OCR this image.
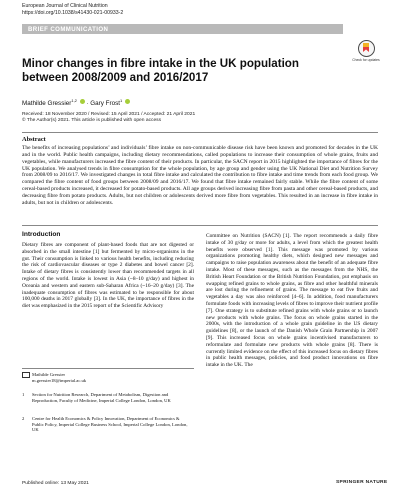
European Journal of Clinical Nutrition
https://doi.org/10.1038/s41430-021-00933-2
BRIEF COMMUNICATION
Check for updates
Minor changes in fibre intake in the UK population between 2008/2009 and 2016/2017
Mathilde Gressier$^{1,2}$  · Gary Frost$^1$
Received: 18 November 2020 / Revised: 15 April 2021 / Accepted: 21 April 2021
© The Author(s) 2021. This article is published with open access
Abstract

The benefits of increasing populations’ and individuals’ fibre intake on non-communicable disease risk have been known and promoted for decades in the UK and in the world. Public health campaigns, including dietary recommendations, called populations to increase their consumption of whole grains, fruits and vegetables, while manufacturers increased the fibre content of their products. In particular, the SACN report in 2015 highlighted the importance of fibres for the UK population. We analysed trends in fibre consumption for the whole population, by age group and gender using the UK National Diet and Nutrition Survey from 2008/09 to 2016/17. We investigated changes in total fibre intake and calculated the contribution to fibre intake and time trends from each food group. We compared the fibre content of food groups between 2008/09 and 2016/17. We found that fibre intake remained fairly stable. While the fibre content of some cereal-based products increased, it decreased for potato-based products. All age groups derived increasing fibre from pasta and other cereal-based products, and decreasing fibre from potato products. Adults, but not children or adolescents derived more fibre from vegetables. This resulted in an increase in fibre intake in adults, but not in children or adolescents.

Introduction

Dietary fibres are component of plant-based foods that are not digested or absorbed in the small intestine [1] but fermented by micro-organisms in the gut. Their consumption is linked to various health benefits, including reducing the risk of cardiovascular diseases or type 2 diabetes and bowel cancer [2]. Intake of dietary fibres is consistently lower than recommended targets in all regions of the world. Intake is lowest in Asia (~8–10 g/day) and highest in Oceania and western and eastern sub-Saharan Africa (~16–20 g/day) [3]. The inadequate consumption of fibres was estimated to be responsible for about 100,000 deaths in 2017 globally [3]. In the UK, the importance of fibres in the diet was emphasized in the 2015 report of the Scientific Advisory

Committee on Nutrition (SACN) [1]. The report recommends a daily fibre intake of 30 g/day or more for adults, a level from which the greatest health benefits were observed [1]. This message was promoted by various organizations promoting healthy diets, which designed new messages and campaigns to raise population awareness about the benefit of an adequate fibre intake. Most of these messages, such as the messages from the NHS, the British Heart Foundation or the British Nutrition Foundation, put emphasis on swapping refined grains to whole grains, as fibre and other healthful minerals are lost during the refinement of grains. The message to eat five fruits and vegetables a day was also reinforced [4–6]. In addition, food manufacturers formulate foods with increasing levels of fibres to improve their nutrient profile [7]. One strategy is to substitute refined grains with whole grains or to launch new products with whole grains. The focus on whole grains started in the 2000s, with the introduction of a whole grain guideline in the US dietary guidelines [8], or the launch of the Danish Whole Grain Partnership in 2007 [9]. This increased focus on whole grains incentivised manufacturers to reformulate and formulate new products with whole grains [8]. There is currently limited evidence on the effect of this increased focus on dietary fibres in public health messages, policies, and food product innovations on fibre intake in the UK. The

Mathilde Gressier
m.gressier18@imperial.ac.uk
1 Section for Nutrition Research, Department of Metabolism, Digestion and Reproduction, Faculty of Medicine, Imperial College London, London, UK
2 Centre for Health Economics & Policy Innovation, Department of Economics & Public Policy, Imperial College Business School, Imperial College London, London, UK
Published online: 13 May 2021	SPRINGER NATURE
